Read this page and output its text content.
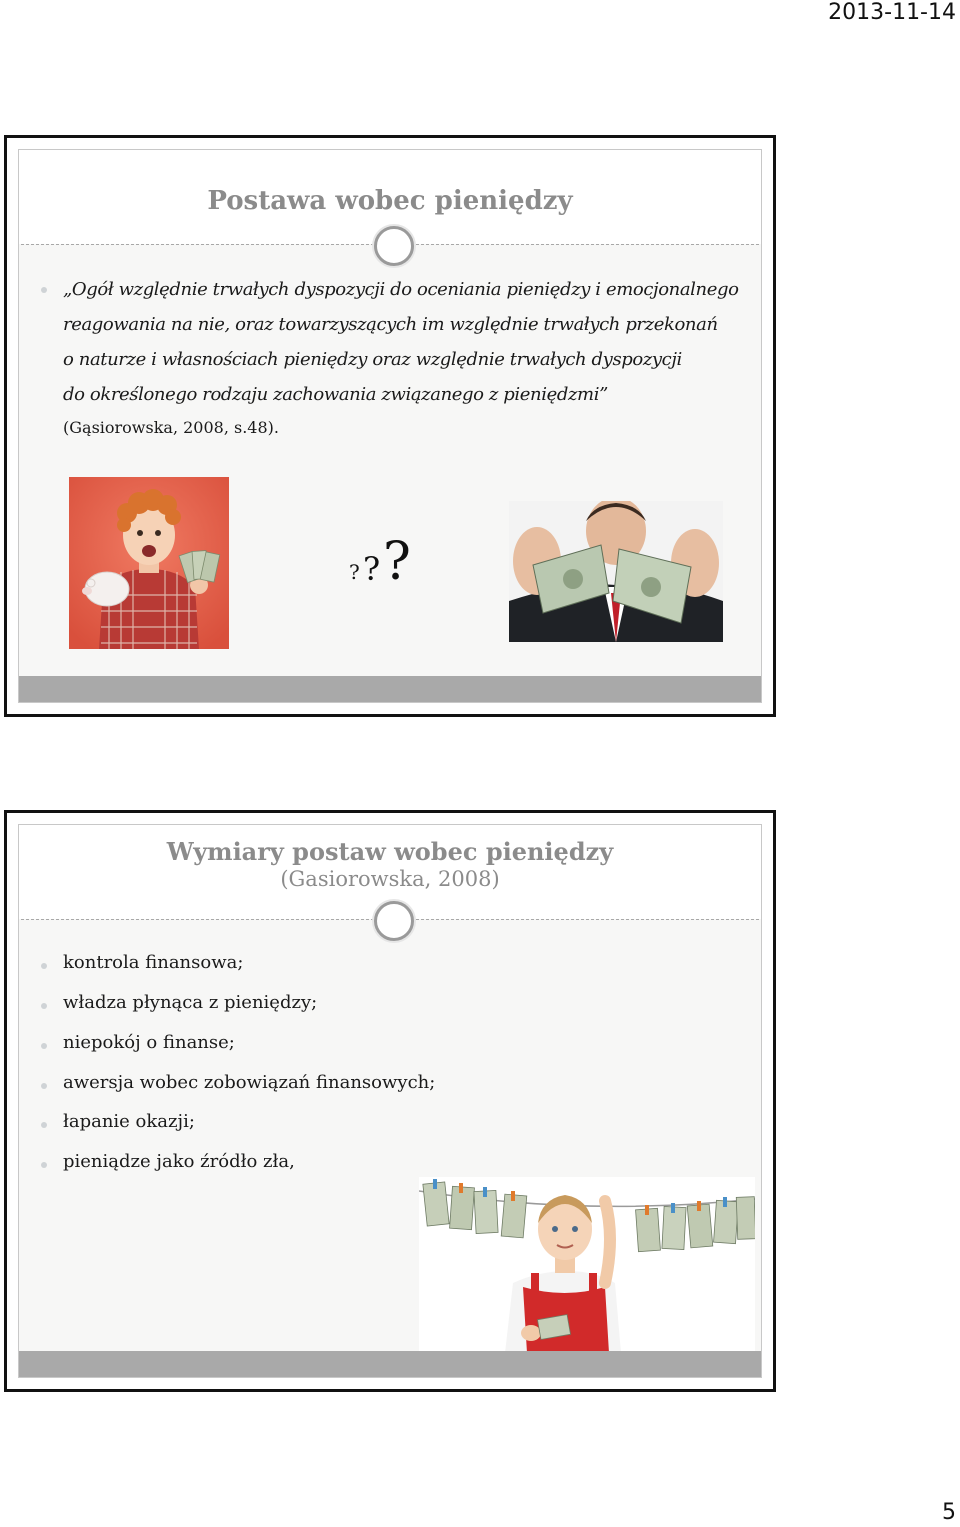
2013-11-14
Postawa wobec pieniędzy
„Ogół względnie trwałych dyspozycji do oceniania pieniędzy i emocjonalnego
reagowania na nie, oraz towarzyszących im względnie trwałych przekonań
o naturze i własnościach pieniędzy oraz względnie trwałych dyspozycji
do określonego rodzaju zachowania związanego z pieniędzmi”
(Gąsiorowska, 2008, s.48).
? ? ?
Wymiary postaw wobec pieniędzy
(Gasiorowska, 2008)
kontrola finansowa;
władza płynąca z pieniędzy;
niepokój o finanse;
awersja wobec zobowiązań finansowych;
łapanie okazji;
pieniądze jako źródło zła,
5
